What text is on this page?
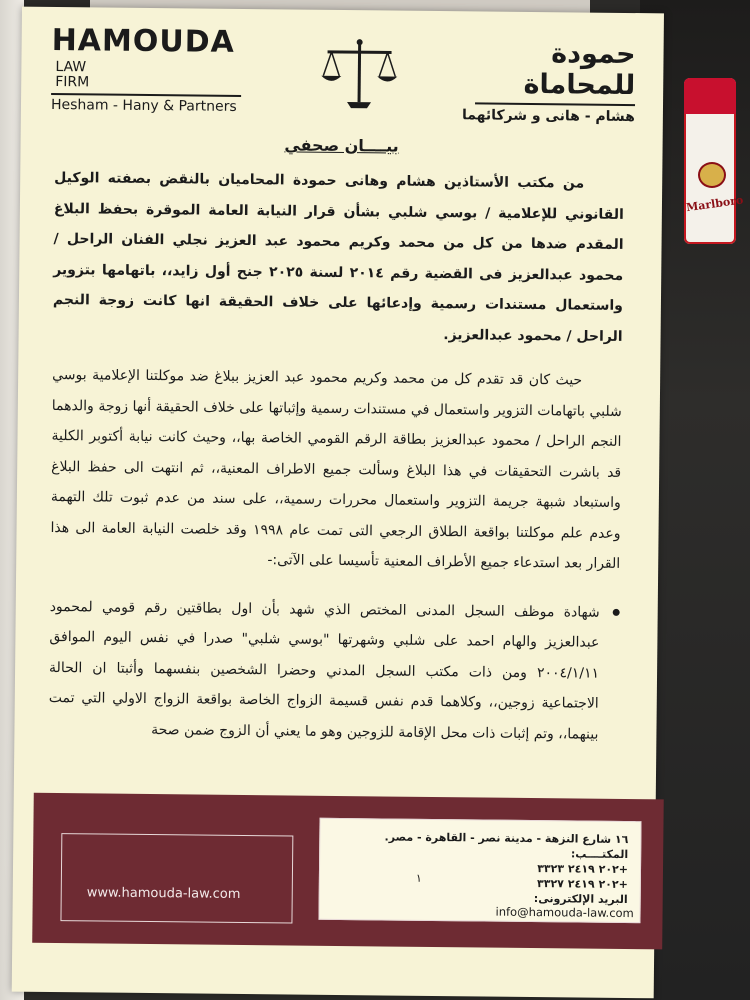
Marlboro
HAMOUDALAW
FIRM
Hesham - Hany & Partners
حمودة للمحاماة
هشام - هانى و شركائهما
بيــــان صحفي

من مكتب الأستاذين هشام وهانى حمودة المحاميان بالنقض بصفته الوكيل القانوني للإعلامية / بوسي شلبي بشأن قرار النيابة العامة الموقرة بحفظ البلاغ المقدم ضدها من كل من محمد وكريم محمود عبد العزيز نجلي الفنان الراحل / محمود عبدالعزيز فى القضية رقم ٢٠١٤ لسنة ٢٠٢٥ جنح أول زايد،، باتهامها بتزوير واستعمال مستندات رسمية وإدعائها على خلاف الحقيقة انها كانت زوجة النجم الراحل / محمود عبدالعزيز.

حيث كان قد تقدم كل من محمد وكريم محمود عبد العزيز ببلاغ ضد موكلتنا الإعلامية بوسي شلبي باتهامات التزوير واستعمال في مستندات رسمية وإثباتها على خلاف الحقيقة أنها زوجة والدهما النجم الراحل / محمود عبدالعزيز بطاقة الرقم القومي الخاصة بها،، وحيث كانت نيابة أكتوبر الكلية قد باشرت التحقيقات في هذا البلاغ وسألت جميع الاطراف المعنية،، ثم انتهت الى حفظ البلاغ واستبعاد شبهة جريمة التزوير واستعمال محررات رسمية،، على سند من عدم ثبوت تلك التهمة وعدم علم موكلتنا بواقعة الطلاق الرجعي التى تمت عام ١٩٩٨ وقد خلصت النيابة العامة الى هذا القرار بعد استدعاء جميع الأطراف المعنية تأسيسا على الآتى:-

شهادة موظف السجل المدنى المختص الذي شهد بأن اول بطاقتين رقم قومي لمحمود عبدالعزيز والهام احمد على شلبي وشهرتها "بوسي شلبي" صدرا في نفس اليوم الموافق ٢٠٠٤/١/١١ ومن ذات مكتب السجل المدني وحضرا الشخصين بنفسهما وأثبتا ان الحالة الاجتماعية زوجين،، وكلاهما قدم نفس قسيمة الزواج الخاصة بواقعة الزواج الاولي التي تمت بينهما،، وتم إثبات ذات محل الإقامة للزوجين وهو ما يعني أن الزوج ضمن صحة

www.hamouda-law.com
١٦ شارع النزهة - مدينة نصر - القاهرة - مصر.
المكتــــب:
+٢٠٢ ٢٤١٩ ٣٣٢٣
+٢٠٢ ٢٤١٩ ٣٣٢٧
البريد الإلكترونى:
١
info@hamouda-law.com
